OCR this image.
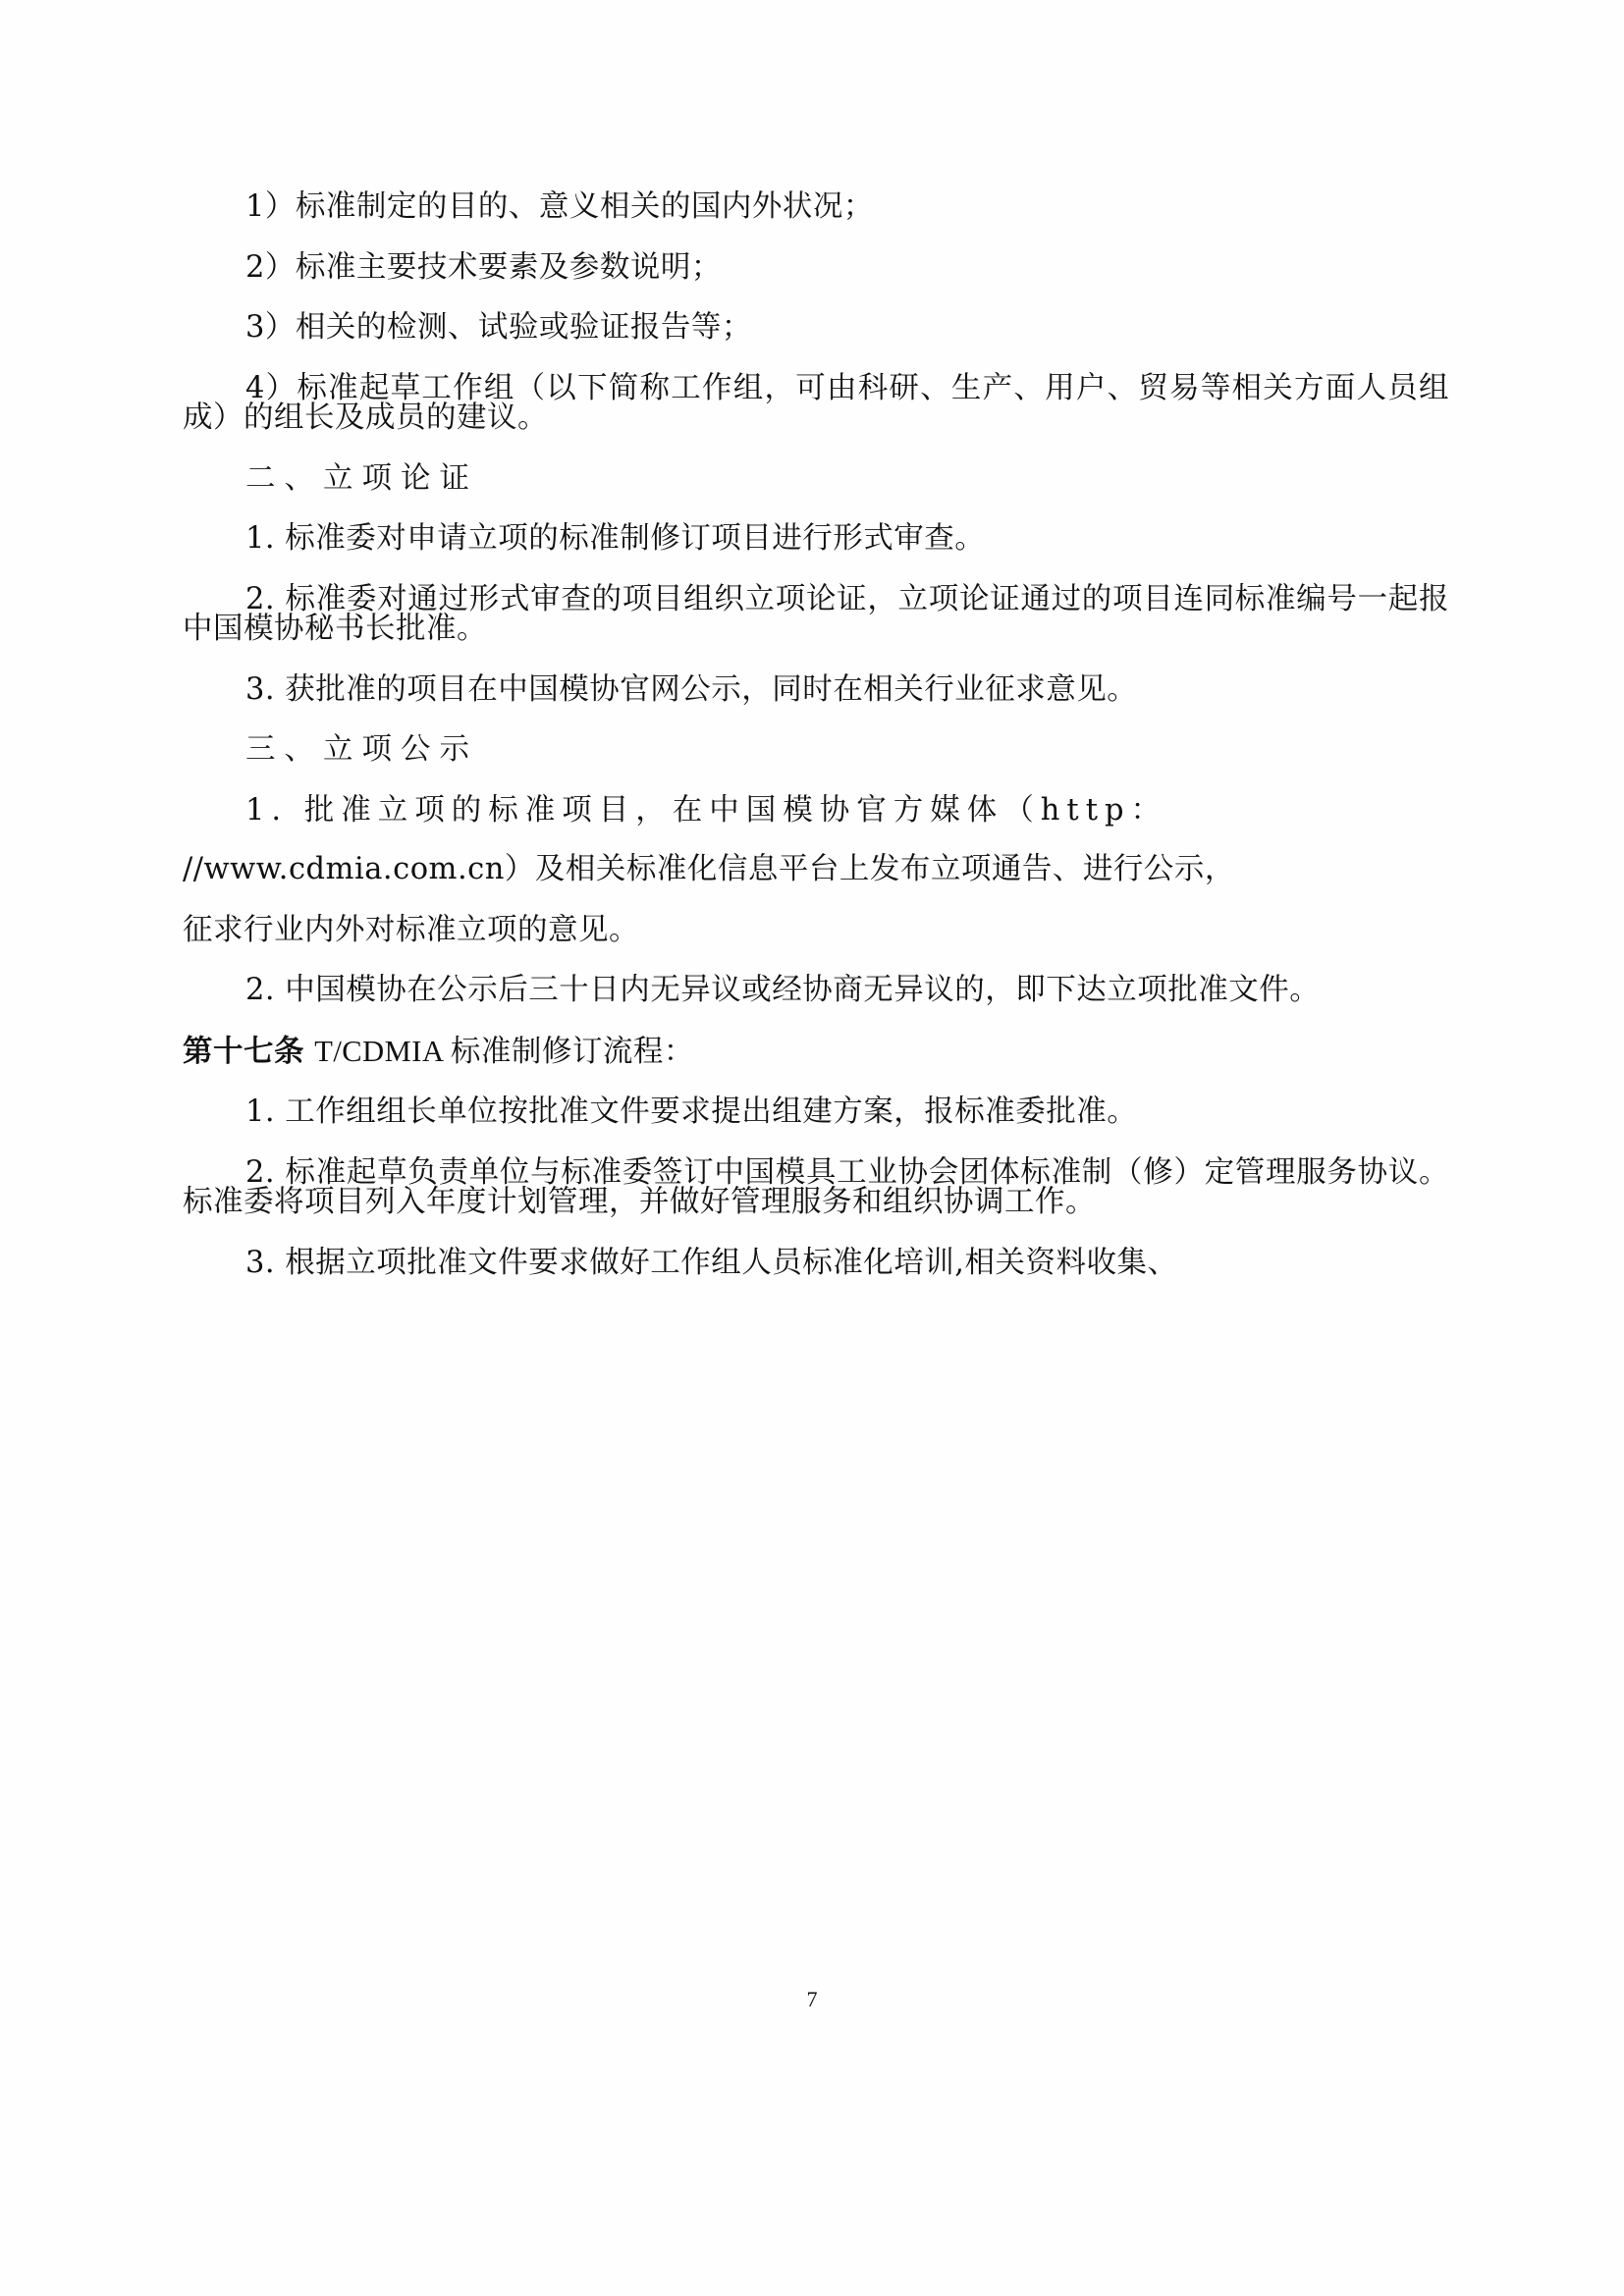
1）标准制定的目的、意义相关的国内外状况；

2）标准主要技术要素及参数说明；

3）相关的检测、试验或验证报告等；

4）标准起草工作组（以下简称工作组，可由科研、生产、用户、贸易等相关方面人员组成）的组长及成员的建议。

二、立项论证

1. 标准委对申请立项的标准制修订项目进行形式审查。

2. 标准委对通过形式审查的项目组织立项论证，立项论证通过的项目连同标准编号一起报中国模协秘书长批准。

3. 获批准的项目在中国模协官网公示，同时在相关行业征求意见。

三、立项公示

1. 批准立项的标准项目，在中国模协官方媒体（http：

//www.cdmia.com.cn）及相关标准化信息平台上发布立项通告、进行公示，

征求行业内外对标准立项的意见。

2. 中国模协在公示后三十日内无异议或经协商无异议的，即下达立项批准文件。

第十七条 T/CDMIA 标准制修订流程：

1. 工作组组长单位按批准文件要求提出组建方案，报标准委批准。

2. 标准起草负责单位与标准委签订中国模具工业协会团体标准制（修）定管理服务协议。标准委将项目列入年度计划管理，并做好管理服务和组织协调工作。

3. 根据立项批准文件要求做好工作组人员标准化培训,相关资料收集、

7
